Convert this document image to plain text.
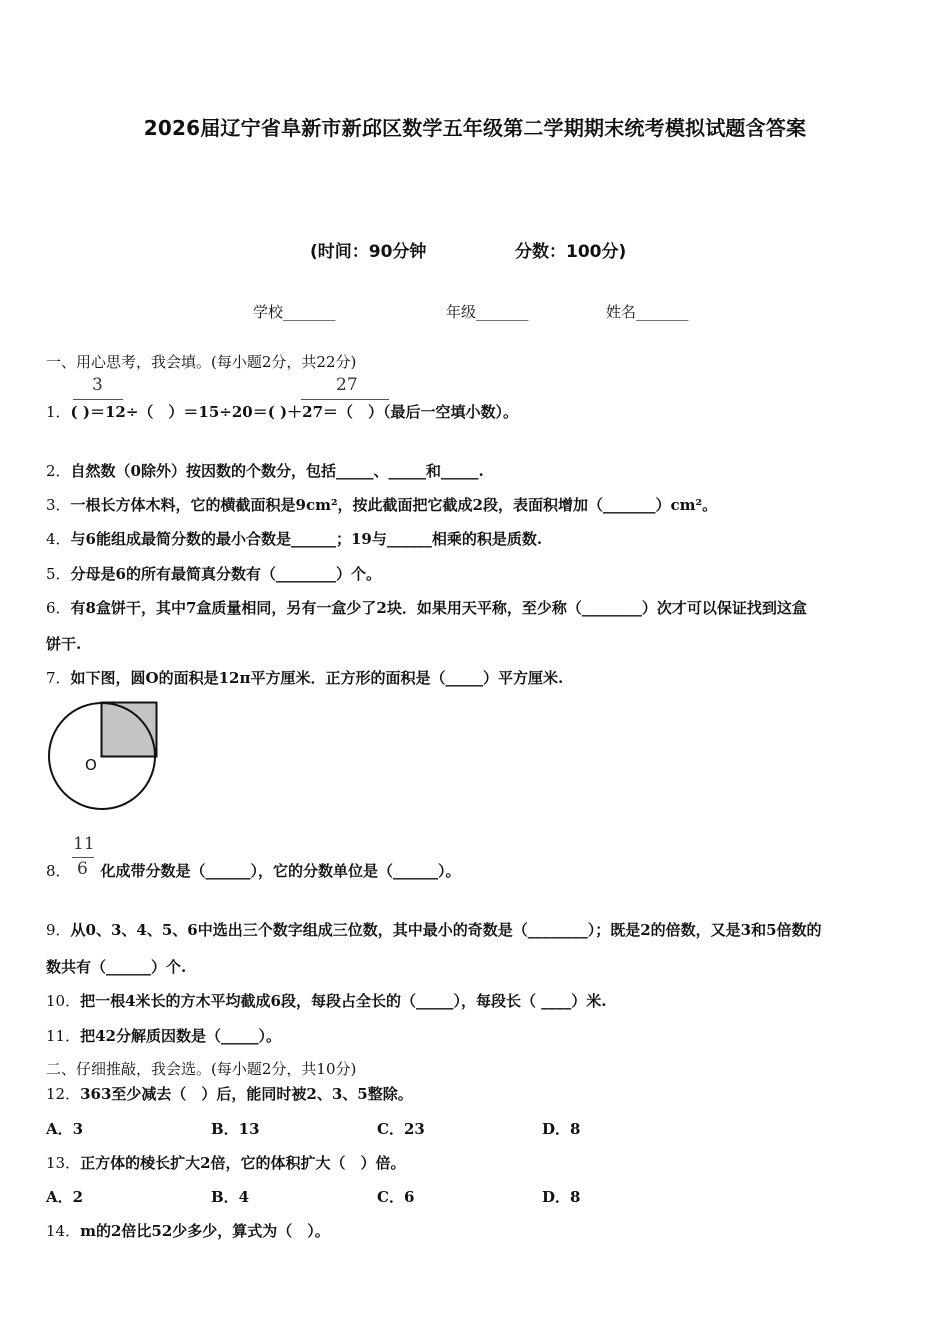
2026届辽宁省阜新市新邱区数学五年级第二学期期末统考模拟试题含答案
(时间：90分钟	分数：100分)
学校_______	年级_______	姓名_______
一、用心思考，我会填。(每小题2分，共22分)
3	27
1．( )＝12÷（　）＝15÷20＝( )＋27＝（　）（最后一空填小数）。
2．自然数（0除外）按因数的个数分，包括_____、_____和_____.
3．一根长方体木料，它的横截面积是9cm²，按此截面把它截成2段，表面积增加（_______）cm²。
4．与6能组成最简分数的最小合数是______；19与______相乘的积是质数.
5．分母是6的所有最简真分数有（________）个。
6．有8盒饼干，其中7盒质量相同，另有一盒少了2块．如果用天平称，至少称（________）次才可以保证找到这盒
饼干.
7．如下图，圆O的面积是12π平方厘米．正方形的面积是（_____）平方厘米.
O
11
6
8． 化成带分数是（______），它的分数单位是（______）。
9．从0、3、4、5、6中选出三个数字组成三位数，其中最小的奇数是（________）；既是2的倍数，又是3和5倍数的
数共有（______）个.
10．把一根4米长的方木平均截成6段，每段占全长的（_____），每段长（ ____）米.
11．把42分解质因数是（_____）。
二、仔细推敲，我会选。(每小题2分，共10分)
12．363至少减去（　）后，能同时被2、3、5整除。
A．3	B．13	C．23	D．8
13．正方体的棱长扩大2倍，它的体积扩大（　）倍。
A．2	B．4	C．6	D．8
14．m的2倍比52少多少，算式为（　）。
